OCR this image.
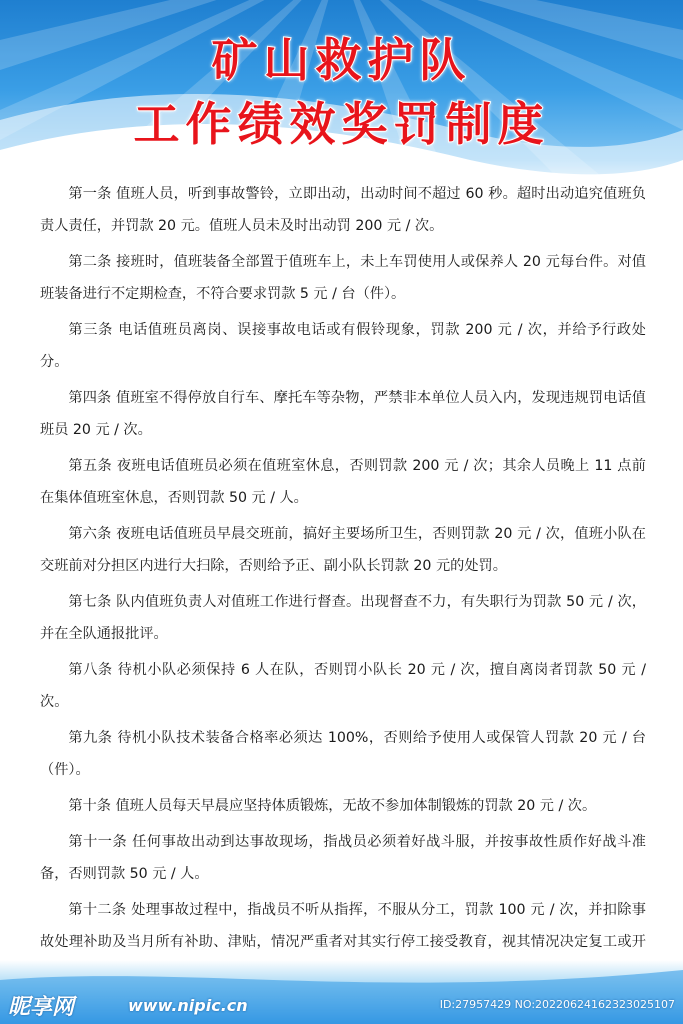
矿山救护队
工作绩效奖罚制度

第一条 值班人员，听到事故警铃，立即出动，出动时间不超过 60 秒。超时出动追究值班负责人责任，并罚款 20 元。值班人员未及时出动罚 200 元 / 次。

第二条 接班时，值班装备全部置于值班车上，未上车罚使用人或保养人 20 元每台件。对值班装备进行不定期检查，不符合要求罚款 5 元 / 台（件）。

第三条 电话值班员离岗、误接事故电话或有假铃现象，罚款 200 元 / 次，并给予行政处分。

第四条 值班室不得停放自行车、摩托车等杂物，严禁非本单位人员入内，发现违规罚电话值班员 20 元 / 次。

第五条 夜班电话值班员必须在值班室休息，否则罚款 200 元 / 次；其余人员晚上 11 点前在集体值班室休息，否则罚款 50 元 / 人。

第六条 夜班电话值班员早晨交班前，搞好主要场所卫生，否则罚款 20 元 / 次，值班小队在交班前对分担区内进行大扫除，否则给予正、副小队长罚款 20 元的处罚。

第七条 队内值班负责人对值班工作进行督查。出现督查不力，有失职行为罚款 50 元 / 次，并在全队通报批评。

第八条 待机小队必须保持 6 人在队，否则罚小队长 20 元 / 次，擅自离岗者罚款 50 元 / 次。

第九条 待机小队技术装备合格率必须达 100%，否则给予使用人或保管人罚款 20 元 / 台（件）。

第十条 值班人员每天早晨应坚持体质锻炼，无故不参加体制锻炼的罚款 20 元 / 次。

第十一条 任何事故出动到达事故现场，指战员必须着好战斗服，并按事故性质作好战斗准备，否则罚款 50 元 / 人。

第十二条 处理事故过程中，指战员不听从指挥，不服从分工，罚款 100 元 / 次，并扣除事故处理补助及当月所有补助、津贴，情况严重者对其实行停工接受教育，视其情况决定复工或开

昵享网	www.nipic.cn	ID:27957429 NO:20220624162323025107
